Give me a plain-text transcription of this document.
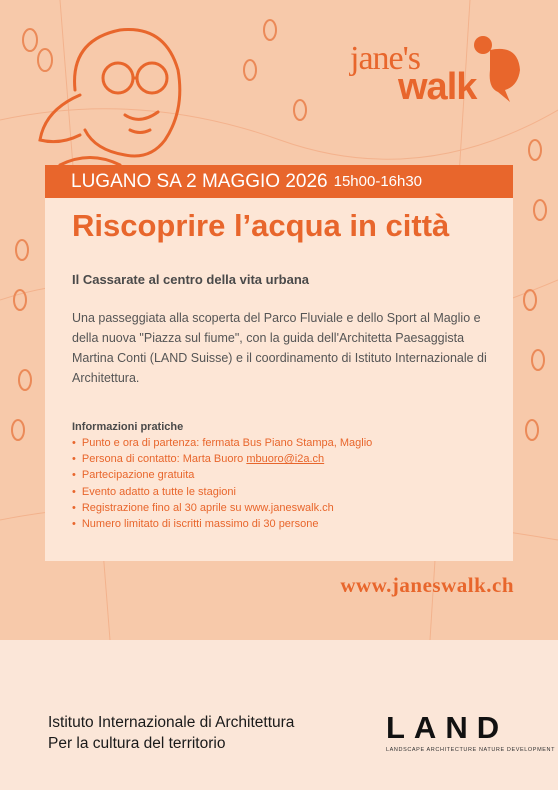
jane's
walk
LUGANO SA 2 MAGGIO 2026 15h00-16h30
Riscoprire l’acqua in città
Il Cassarate al centro della vita urbana
Una passeggiata alla scoperta del Parco Fluviale e dello Sport al Maglio e della nuova "Piazza sul fiume", con la guida dell'Architetta Paesaggista Martina Conti (LAND Suisse) e il coordinamento di Istituto Internazionale di Architettura.
Informazioni pratiche
• Punto e ora di partenza: fermata Bus Piano Stampa, Maglio
• Persona di contatto: Marta Buoro mbuoro@i2a.ch
• Partecipazione gratuita
• Evento adatto a tutte le stagioni
• Registrazione fino al 30 aprile su www.janeswalk.ch
• Numero limitato di iscritti massimo di 30 persone
www.janeswalk.ch
Istituto Internazionale di Architettura
Per la cultura del territorio	LAND
LANDSCAPE ARCHITECTURE NATURE DEVELOPMENT
